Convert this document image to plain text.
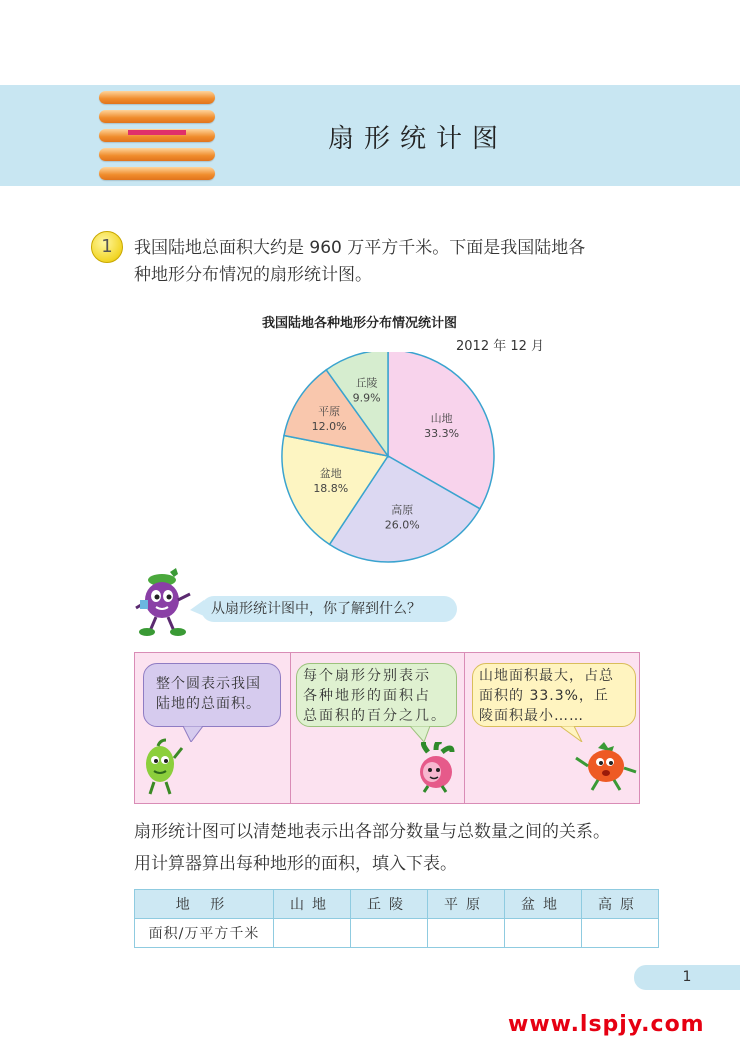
扇形统计图
1	我国陆地总面积大约是 960 万平方千米。下面是我国陆地各
种地形分布情况的扇形统计图。
我国陆地各种地形分布情况统计图
2012 年 12 月
山地
33.3%
高原
26.0%
盆地
18.8%
平原
12.0%
丘陵
9.9%
从扇形统计图中，你了解到什么？
整个圆表示我国
陆地的总面积。
每个扇形分别表示
各种地形的面积占
总面积的百分之几。
山地面积最大，占总
面积的 33.3%，丘
陵面积最小……
扇形统计图可以清楚地表示出各部分数量与总数量之间的关系。
用计算器算出每种地形的面积，填入下表。
地 形	山地	丘陵	平原	盆地	高原
面积/万平方千米					
1
www.lspjy.com
